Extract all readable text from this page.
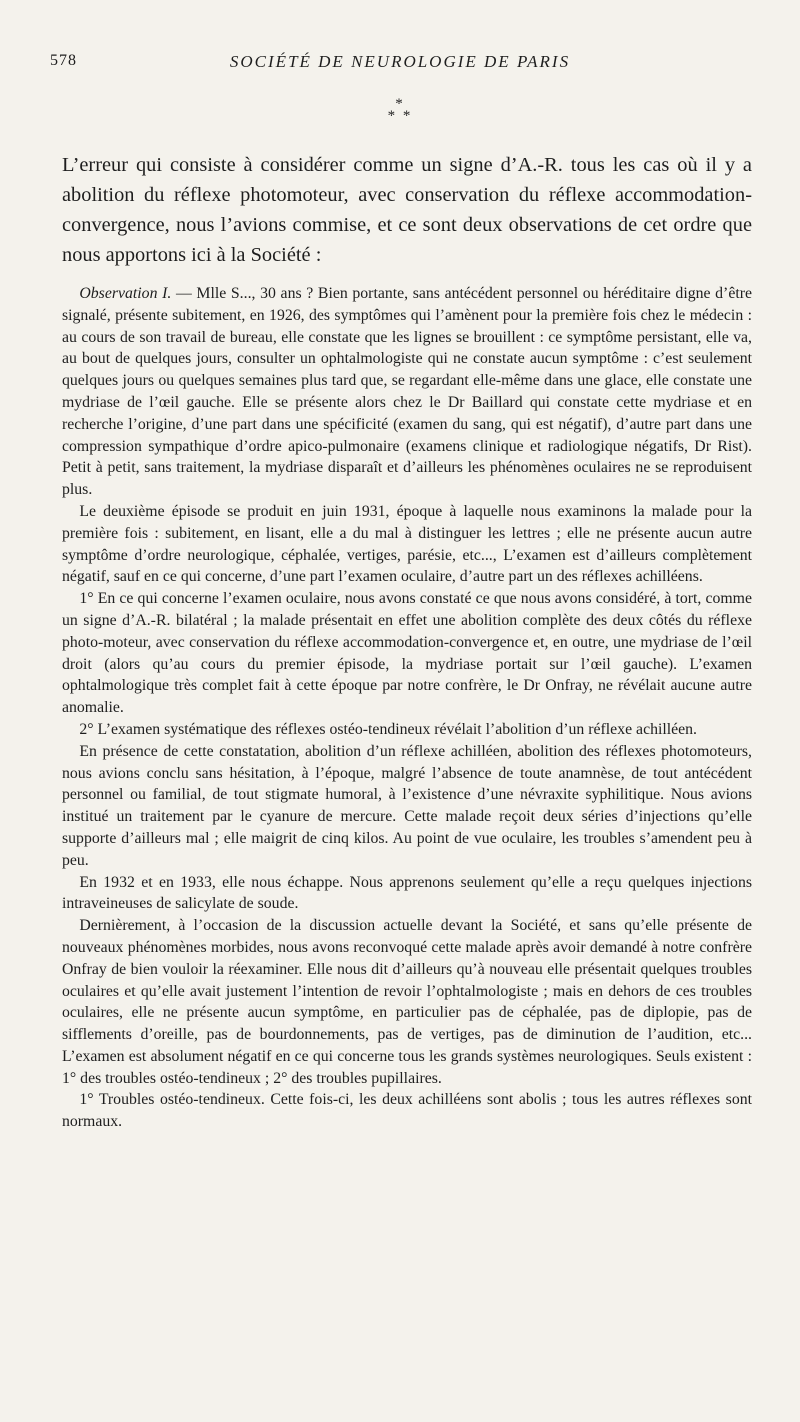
578	SOCIÉTÉ DE NEUROLOGIE DE PARIS
*
* *
L’erreur qui consiste à considérer comme un signe d’A.-R. tous les cas où il y a abolition du réflexe photomoteur, avec conservation du réflexe accommodation-convergence, nous l’avions commise, et ce sont deux observations de cet ordre que nous apportons ici à la Société :

Observation I. — Mlle S..., 30 ans ? Bien portante, sans antécédent personnel ou héréditaire digne d’être signalé, présente subitement, en 1926, des symptômes qui l’amènent pour la première fois chez le médecin : au cours de son travail de bureau, elle constate que les lignes se brouillent : ce symptôme persistant, elle va, au bout de quelques jours, consulter un ophtalmologiste qui ne constate aucun symptôme : c’est seulement quelques jours ou quelques semaines plus tard que, se regardant elle-même dans une glace, elle constate une mydriase de l’œil gauche. Elle se présente alors chez le Dr Baillard qui constate cette mydriase et en recherche l’origine, d’une part dans une spécificité (examen du sang, qui est négatif), d’autre part dans une compression sympathique d’ordre apico-pulmonaire (examens clinique et radiologique négatifs, Dr Rist). Petit à petit, sans traitement, la mydriase disparaît et d’ailleurs les phénomènes oculaires ne se reproduisent plus.

Le deuxième épisode se produit en juin 1931, époque à laquelle nous examinons la malade pour la première fois : subitement, en lisant, elle a du mal à distinguer les lettres ; elle ne présente aucun autre symptôme d’ordre neurologique, céphalée, vertiges, parésie, etc..., L’examen est d’ailleurs complètement négatif, sauf en ce qui concerne, d’une part l’examen oculaire, d’autre part un des réflexes achilléens.

1° En ce qui concerne l’examen oculaire, nous avons constaté ce que nous avons considéré, à tort, comme un signe d’A.-R. bilatéral ; la malade présentait en effet une abolition complète des deux côtés du réflexe photo-moteur, avec conservation du réflexe accommodation-convergence et, en outre, une mydriase de l’œil droit (alors qu’au cours du premier épisode, la mydriase portait sur l’œil gauche). L’examen ophtalmologique très complet fait à cette époque par notre confrère, le Dr Onfray, ne révélait aucune autre anomalie.

2° L’examen systématique des réflexes ostéo-tendineux révélait l’abolition d’un réflexe achilléen.

En présence de cette constatation, abolition d’un réflexe achilléen, abolition des réflexes photomoteurs, nous avions conclu sans hésitation, à l’époque, malgré l’absence de toute anamnèse, de tout antécédent personnel ou familial, de tout stigmate humoral, à l’existence d’une névraxite syphilitique. Nous avions institué un traitement par le cyanure de mercure. Cette malade reçoit deux séries d’injections qu’elle supporte d’ailleurs mal ; elle maigrit de cinq kilos. Au point de vue oculaire, les troubles s’amendent peu à peu.

En 1932 et en 1933, elle nous échappe. Nous apprenons seulement qu’elle a reçu quelques injections intraveineuses de salicylate de soude.

Dernièrement, à l’occasion de la discussion actuelle devant la Société, et sans qu’elle présente de nouveaux phénomènes morbides, nous avons reconvoqué cette malade après avoir demandé à notre confrère Onfray de bien vouloir la réexaminer. Elle nous dit d’ailleurs qu’à nouveau elle présentait quelques troubles oculaires et qu’elle avait justement l’intention de revoir l’ophtalmologiste ; mais en dehors de ces troubles oculaires, elle ne présente aucun symptôme, en particulier pas de céphalée, pas de diplopie, pas de sifflements d’oreille, pas de bourdonnements, pas de vertiges, pas de diminution de l’audition, etc... L’examen est absolument négatif en ce qui concerne tous les grands systèmes neurologiques. Seuls existent : 1° des troubles ostéo-tendineux ; 2° des troubles pupillaires.

1° Troubles ostéo-tendineux. Cette fois-ci, les deux achilléens sont abolis ; tous les autres réflexes sont normaux.
